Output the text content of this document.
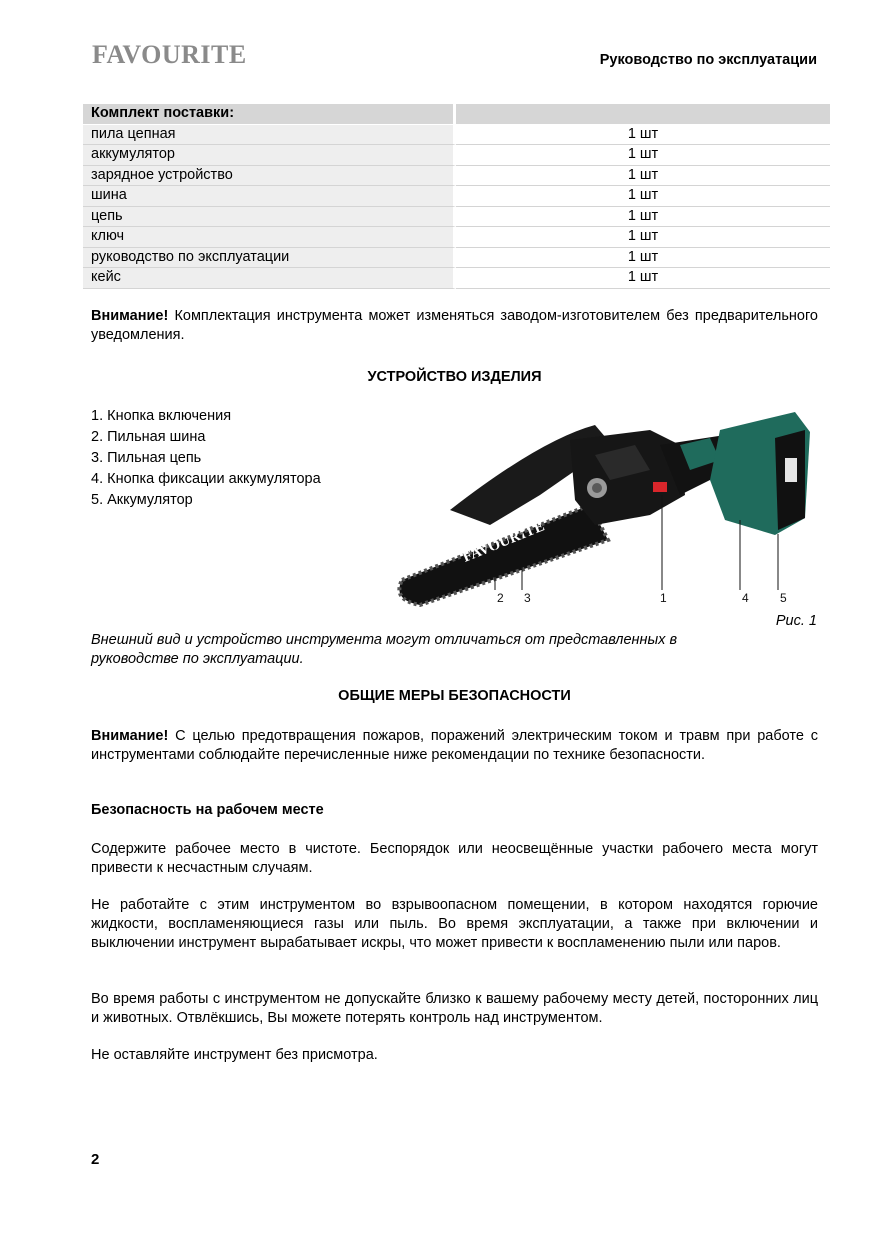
FAVOURITE	Руководство по эксплуатации
Комплект поставки:	
пила цепная	1 шт
аккумулятор	1 шт
зарядное устройство	1 шт
шина	1 шт
цепь	1 шт
ключ	1 шт
руководство по эксплуатации	1 шт
кейс	1 шт
Внимание! Комплектация инструмента может изменяться заводом-изготовителем без предварительного уведомления.
УСТРОЙСТВО ИЗДЕЛИЯ
1. Кнопка включения
2. Пильная шина
3. Пильная цепь
4. Кнопка фиксации аккумулятора
5. Аккумулятор
FAVOURITE
2 3	1	4	5
Рис. 1
Внешний вид и устройство инструмента могут отличаться от представленных в руководстве по эксплуатации.
ОБЩИЕ МЕРЫ БЕЗОПАСНОСТИ
Внимание! С целью предотвращения пожаров, поражений электрическим током и травм при работе с инструментами соблюдайте перечисленные ниже рекомендации по технике безопасности.
Безопасность на рабочем месте
Содержите рабочее место в чистоте. Беспорядок или неосвещённые участки рабочего места могут привести к несчастным случаям.
Не работайте с этим инструментом во взрывоопасном помещении, в котором находятся горючие жидкости, воспламеняющиеся газы или пыль. Во время эксплуатации, а также при включении и выключении инструмент вырабатывает искры, что может привести к воспламенению пыли или паров.
Во время работы с инструментом не допускайте близко к вашему рабочему месту детей, посторонних лиц и животных. Отвлёкшись, Вы можете потерять контроль над инструментом.
Не оставляйте инструмент без присмотра.
2
